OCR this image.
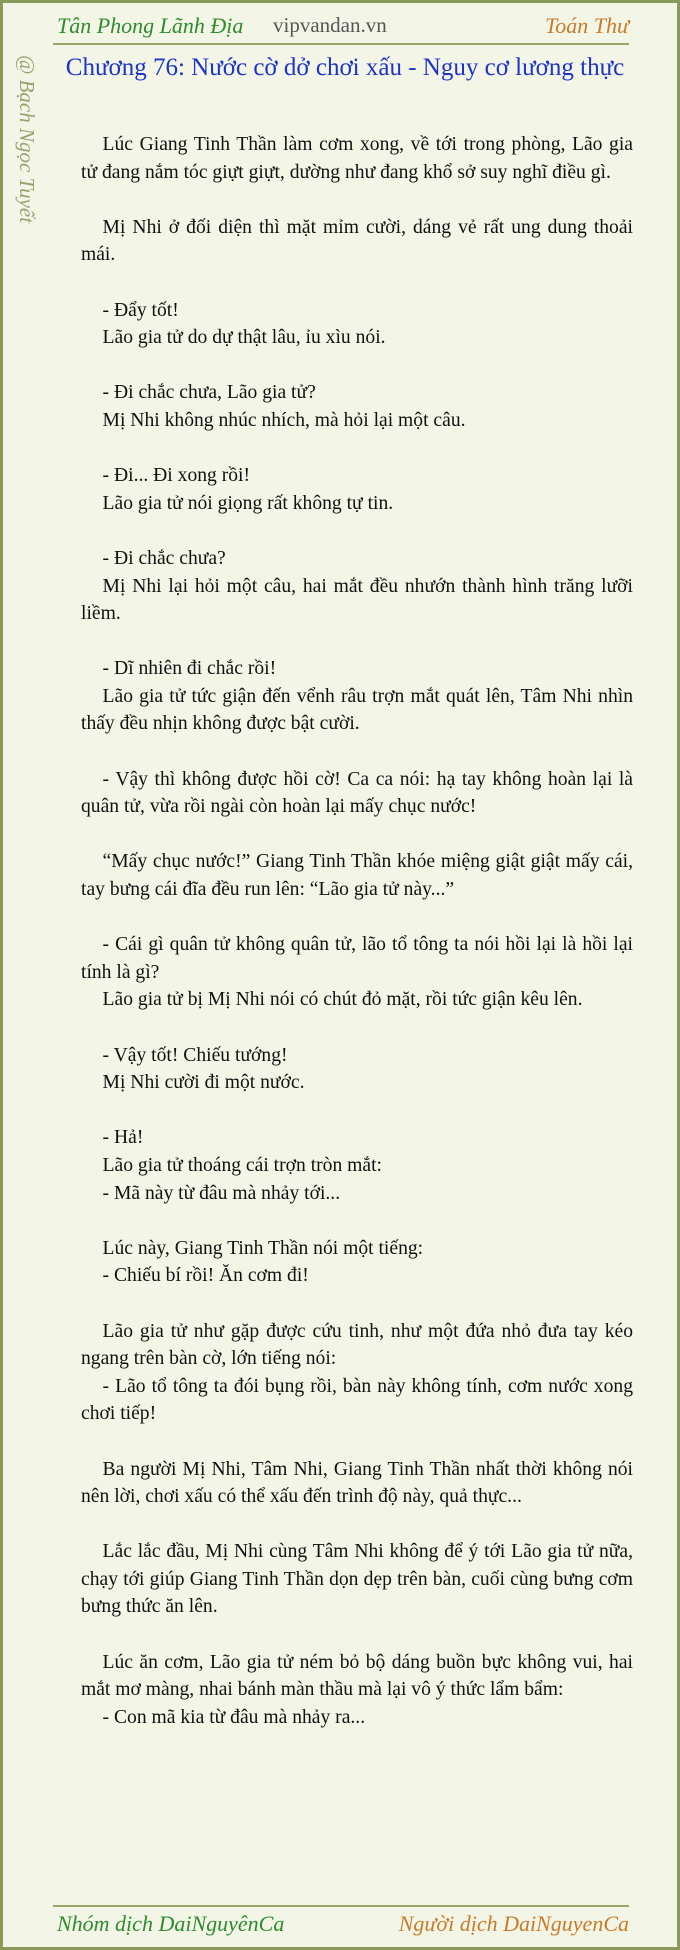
Tân Phong Lãnh Địa vipvandan.vn	Toán Thư
@ Bạch Ngọc Tuyết Chương 76: Nước cờ dở chơi xấu - Nguy cơ lương thực

Lúc Giang Tinh Thần làm cơm xong, về tới trong phòng, Lão gia tử đang nắm tóc giựt giựt, dường như đang khổ sở suy nghĩ điều gì.

Mị Nhi ở đối diện thì mặt mỉm cười, dáng vẻ rất ung dung thoải mái.

- Đẩy tốt!

Lão gia tử do dự thật lâu, ỉu xìu nói.

- Đi chắc chưa, Lão gia tử?

Mị Nhi không nhúc nhích, mà hỏi lại một câu.

- Đi... Đi xong rồi!

Lão gia tử nói giọng rất không tự tin.

- Đi chắc chưa?

Mị Nhi lại hỏi một câu, hai mắt đều nhướn thành hình trăng lưỡi liềm.

- Dĩ nhiên đi chắc rồi!

Lão gia tử tức giận đến vểnh râu trợn mắt quát lên, Tâm Nhi nhìn thấy đều nhịn không được bật cười.

- Vậy thì không được hồi cờ! Ca ca nói: hạ tay không hoàn lại là quân tử, vừa rồi ngài còn hoàn lại mấy chục nước!

“Mấy chục nước!” Giang Tinh Thần khóe miệng giật giật mấy cái, tay bưng cái đĩa đều run lên: “Lão gia tử này...”

- Cái gì quân tử không quân tử, lão tổ tông ta nói hồi lại là hồi lại tính là gì?

Lão gia tử bị Mị Nhi nói có chút đỏ mặt, rồi tức giận kêu lên.

- Vậy tốt! Chiếu tướng!

Mị Nhi cười đi một nước.

- Hả!

Lão gia tử thoáng cái trợn tròn mắt:

- Mã này từ đâu mà nhảy tới...

Lúc này, Giang Tinh Thần nói một tiếng:

- Chiếu bí rồi! Ăn cơm đi!

Lão gia tử như gặp được cứu tinh, như một đứa nhỏ đưa tay kéo ngang trên bàn cờ, lớn tiếng nói:

- Lão tổ tông ta đói bụng rồi, bàn này không tính, cơm nước xong chơi tiếp!

Ba người Mị Nhi, Tâm Nhi, Giang Tinh Thần nhất thời không nói nên lời, chơi xấu có thể xấu đến trình độ này, quả thực...

Lắc lắc đầu, Mị Nhi cùng Tâm Nhi không để ý tới Lão gia tử nữa, chạy tới giúp Giang Tinh Thần dọn dẹp trên bàn, cuối cùng bưng cơm bưng thức ăn lên.

Lúc ăn cơm, Lão gia tử ném bỏ bộ dáng buồn bực không vui, hai mắt mơ màng, nhai bánh màn thầu mà lại vô ý thức lẩm bẩm:

- Con mã kia từ đâu mà nhảy ra...

Nhóm dịch DaiNguyênCa	Người dịch DaiNguyenCa
